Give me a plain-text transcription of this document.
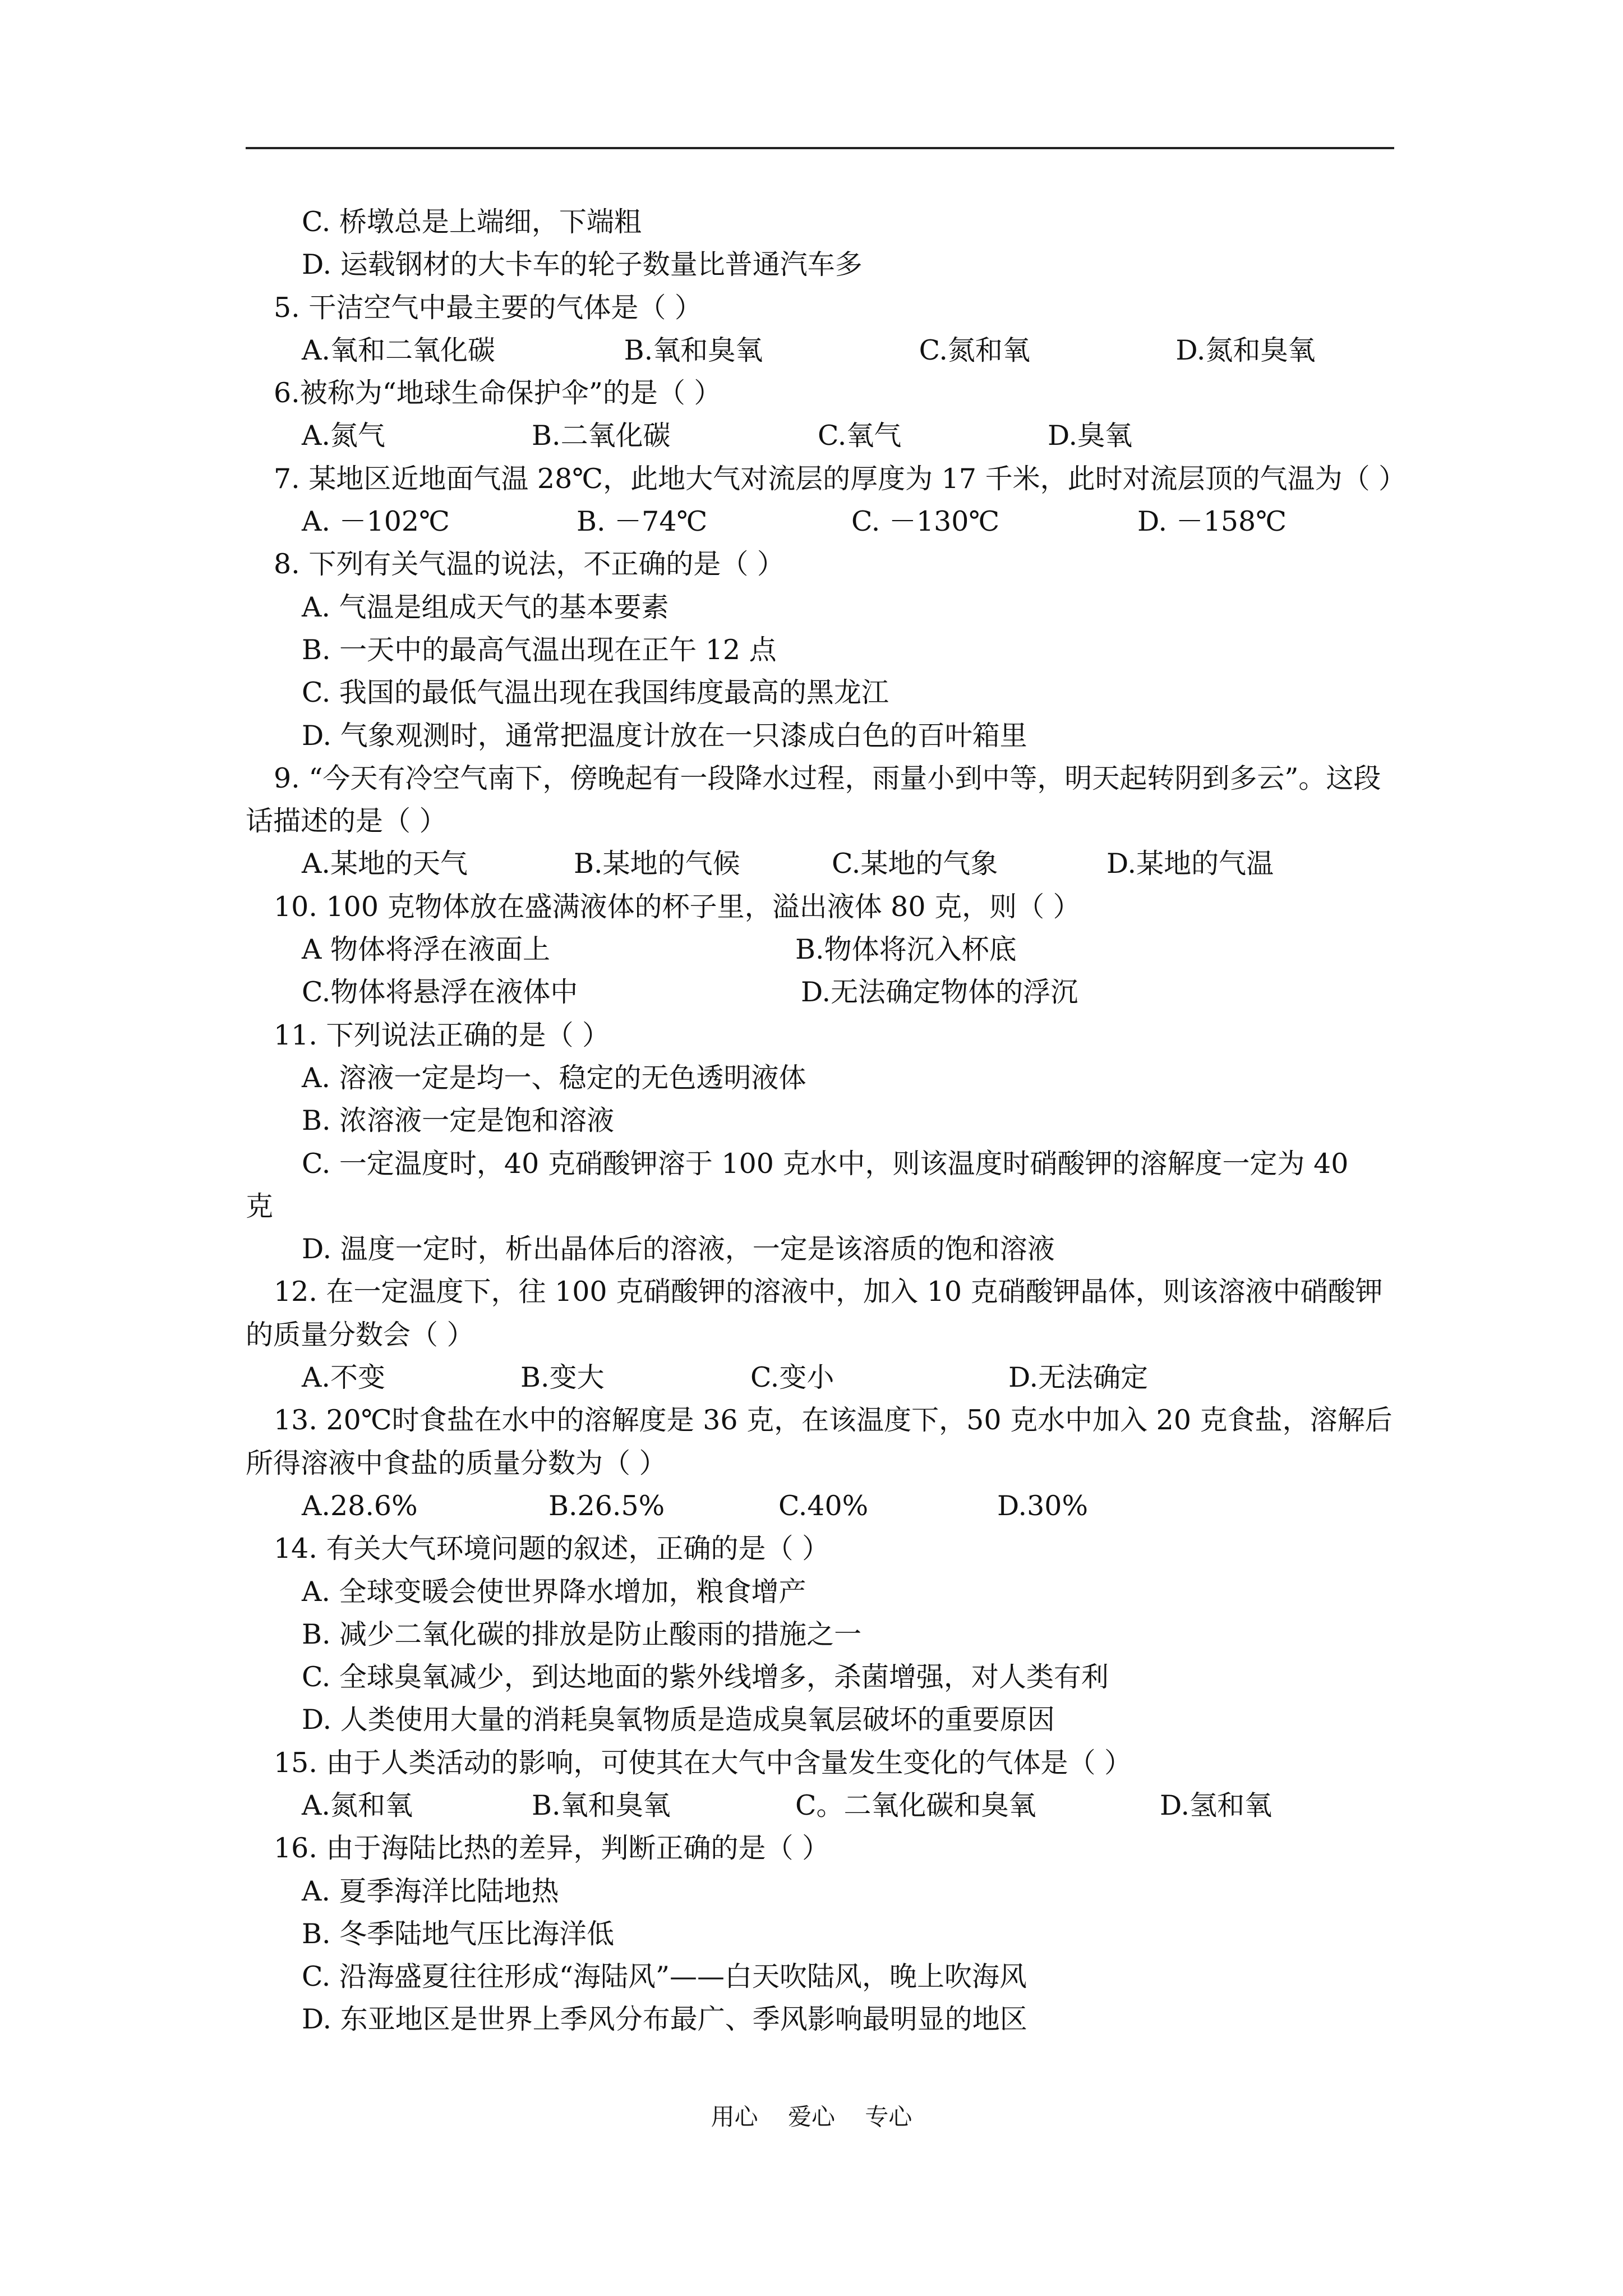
C. 桥墩总是上端细，下端粗

D. 运载钢材的大卡车的轮子数量比普通汽车多

5. 干洁空气中最主要的气体是（ ）

A.氧和二氧化碳	B.氧和臭氧	C.氮和氧	D.氮和臭氧

6.被称为“地球生命保护伞”的是（ ）

A.氮气	B.二氧化碳	C.氧气	D.臭氧

7. 某地区近地面气温 28℃，此地大气对流层的厚度为 17 千米，此时对流层顶的气温为（ ）

A. －102℃	B. －74℃	C. －130℃	D. －158℃

8. 下列有关气温的说法，不正确的是（ ）

A. 气温是组成天气的基本要素

B. 一天中的最高气温出现在正午 12 点

C. 我国的最低气温出现在我国纬度最高的黑龙江

D. 气象观测时，通常把温度计放在一只漆成白色的百叶箱里

9. “今天有冷空气南下，傍晚起有一段降水过程，雨量小到中等，明天起转阴到多云”。这段话描述的是（ ）

A.某地的天气	B.某地的气候	C.某地的气象	D.某地的气温

10. 100 克物体放在盛满液体的杯子里，溢出液体 80 克，则（ ）

A 物体将浮在液面上	B.物体将沉入杯底
C.物体将悬浮在液体中	D.无法确定物体的浮沉

11. 下列说法正确的是（ ）

A. 溶液一定是均一、稳定的无色透明液体

B. 浓溶液一定是饱和溶液

C. 一定温度时，40 克硝酸钾溶于 100 克水中，则该温度时硝酸钾的溶解度一定为 40
克

D. 温度一定时，析出晶体后的溶液，一定是该溶质的饱和溶液

12. 在一定温度下，往 100 克硝酸钾的溶液中，加入 10 克硝酸钾晶体，则该溶液中硝酸钾的质量分数会（ ）

A.不变	B.变大	C.变小	D.无法确定

13. 20℃时食盐在水中的溶解度是 36 克，在该温度下，50 克水中加入 20 克食盐，溶解后所得溶液中食盐的质量分数为（ ）

A.28.6%	B.26.5%	C.40%	D.30%

14. 有关大气环境问题的叙述，正确的是（ ）

A. 全球变暖会使世界降水增加，粮食增产

B. 减少二氧化碳的排放是防止酸雨的措施之一

C. 全球臭氧减少，到达地面的紫外线增多，杀菌增强，对人类有利

D. 人类使用大量的消耗臭氧物质是造成臭氧层破坏的重要原因

15. 由于人类活动的影响，可使其在大气中含量发生变化的气体是（ ）

A.氮和氧	B.氧和臭氧	C。二氧化碳和臭氧	D.氢和氧

16. 由于海陆比热的差异，判断正确的是（ ）

A. 夏季海洋比陆地热

B. 冬季陆地气压比海洋低

C. 沿海盛夏往往形成“海陆风”——白天吹陆风，晚上吹海风

D. 东亚地区是世界上季风分布最广、季风影响最明显的地区

用心    爱心    专心
